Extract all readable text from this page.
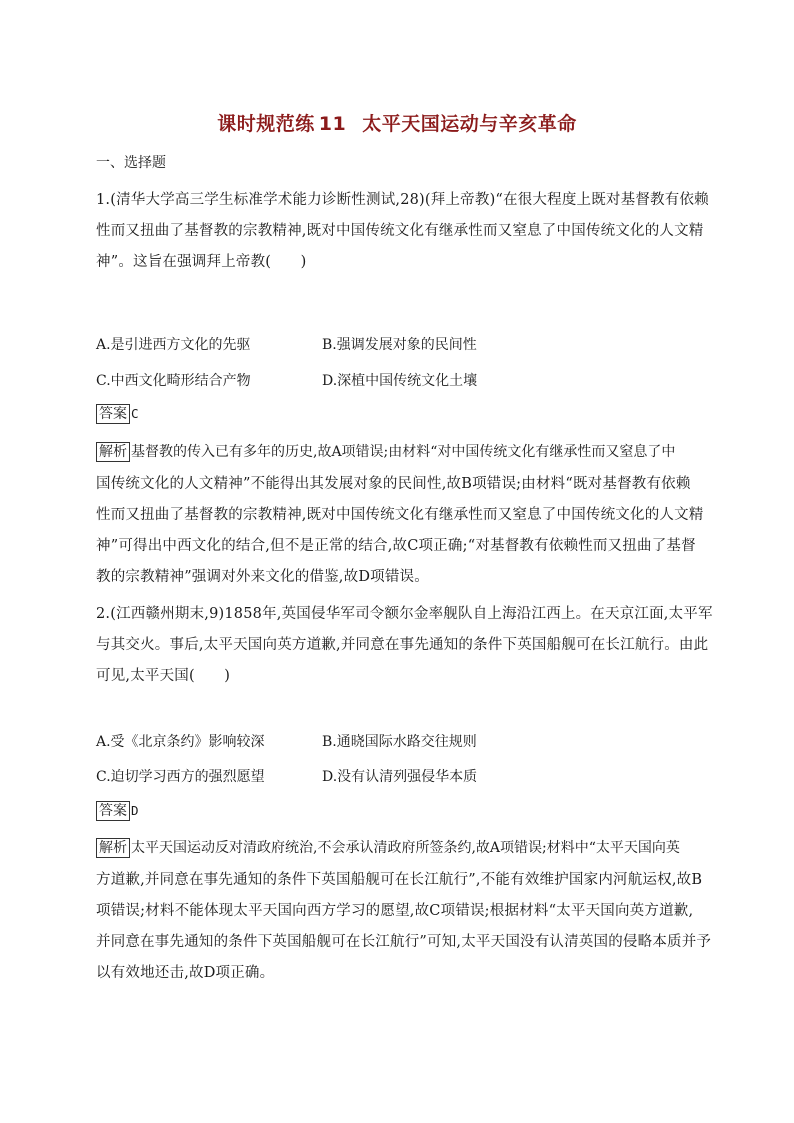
课时规范练 11 太平天国运动与辛亥革命
一、选择题
1.(清华大学高三学生标准学术能力诊断性测试,28)(拜上帝教)“在很大程度上既对基督教有依赖
性而又扭曲了基督教的宗教精神,既对中国传统文化有继承性而又窒息了中国传统文化的人文精
神”。这旨在强调拜上帝教(　　)
A.是引进西方文化的先驱	B.强调发展对象的民间性
C.中西文化畸形结合产物	D.深植中国传统文化土壤
答案 C
解析 基督教的传入已有多年的历史,故A项错误;由材料“对中国传统文化有继承性而又窒息了中
国传统文化的人文精神”不能得出其发展对象的民间性,故B项错误;由材料“既对基督教有依赖
性而又扭曲了基督教的宗教精神,既对中国传统文化有继承性而又窒息了中国传统文化的人文精
神”可得出中西文化的结合,但不是正常的结合,故C项正确;“对基督教有依赖性而又扭曲了基督
教的宗教精神”强调对外来文化的借鉴,故D项错误。
2.(江西赣州期末,9)1858年,英国侵华军司令额尔金率舰队自上海沿江西上。在天京江面,太平军
与其交火。事后,太平天国向英方道歉,并同意在事先通知的条件下英国船舰可在长江航行。由此
可见,太平天国(　　)
A.受《北京条约》影响较深	B.通晓国际水路交往规则
C.迫切学习西方的强烈愿望	D.没有认清列强侵华本质
答案 D
解析 太平天国运动反对清政府统治,不会承认清政府所签条约,故A项错误;材料中“太平天国向英
方道歉,并同意在事先通知的条件下英国船舰可在长江航行”,不能有效维护国家内河航运权,故B
项错误;材料不能体现太平天国向西方学习的愿望,故C项错误;根据材料“太平天国向英方道歉,
并同意在事先通知的条件下英国船舰可在长江航行”可知,太平天国没有认清英国的侵略本质并予
以有效地还击,故D项正确。
